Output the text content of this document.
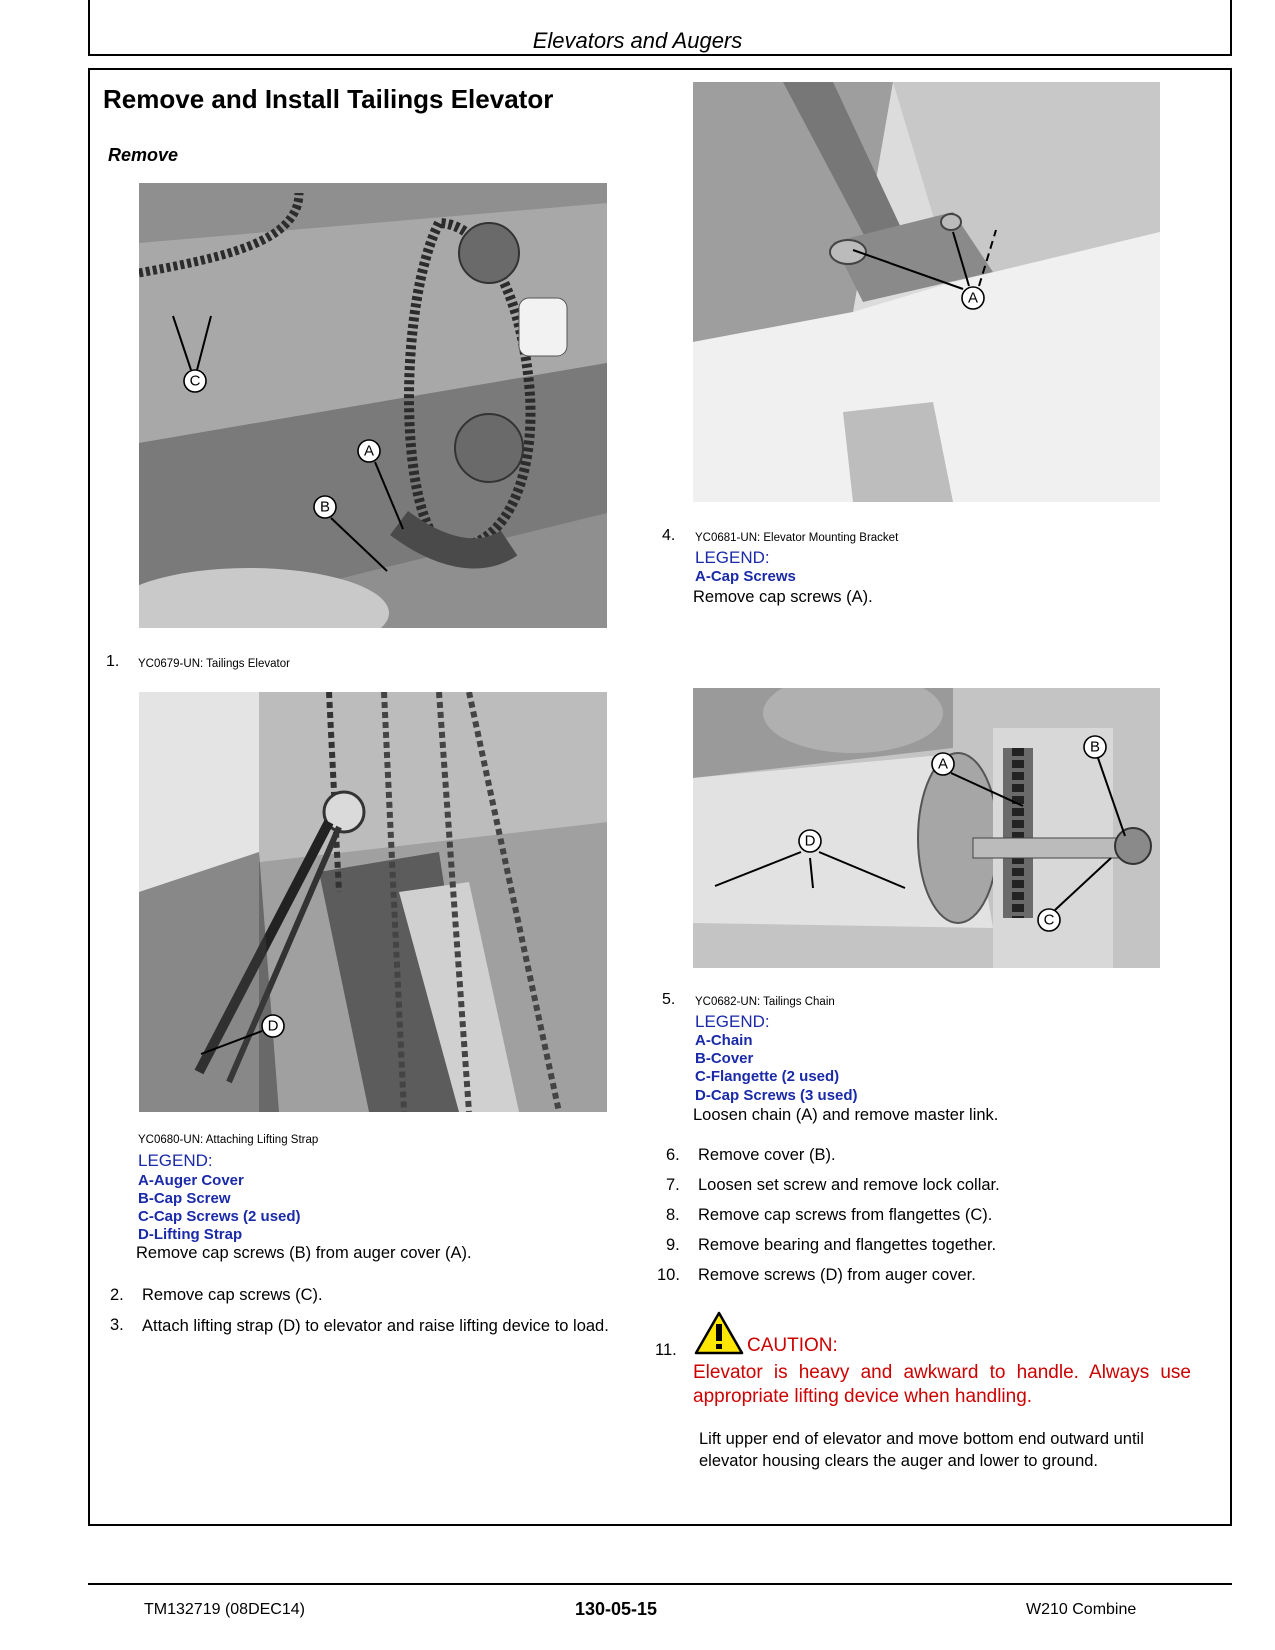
Elevators and Augers
Remove and Install Tailings Elevator
Remove
C
A
B
1. YC0679-UN: Tailings Elevator
D
YC0680-UN: Attaching Lifting Strap
LEGEND:
A-Auger Cover
B-Cap Screw
C-Cap Screws (2 used)
D-Lifting Strap
Remove cap screws (B) from auger cover (A).
2. Remove cap screws (C).
3. Attach lifting strap (D) to elevator and raise lifting device to load.
A
4. YC0681-UN: Elevator Mounting Bracket
LEGEND:
A-Cap Screws
Remove cap screws (A).
A
B
C
D
5. YC0682-UN: Tailings Chain
LEGEND:
A-Chain
B-Cover
C-Flangette (2 used)
D-Cap Screws (3 used)
Loosen chain (A) and remove master link.
6. Remove cover (B).
7. Loosen set screw and remove lock collar.
8. Remove cap screws from flangettes (C).
9. Remove bearing and flangettes together.
10. Remove screws (D) from auger cover.
11.	CAUTION:
Elevator is heavy and awkward to handle. Always use appropriate lifting device when handling.
Lift upper end of elevator and move bottom end outward until elevator housing clears the auger and lower to ground.
TM132719 (08DEC14)	130-05-15	W210 Combine
